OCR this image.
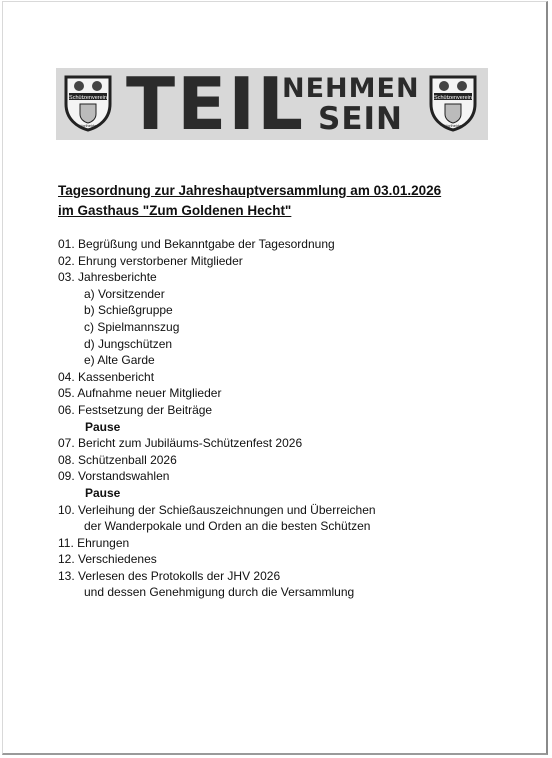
Schützenverein
Vorlheide TEIL
NEHMEN
SEIN
Schützenverein
Vorlheide
Tagesordnung zur Jahreshauptversammlung am 03.01.2026
im Gasthaus "Zum Goldenen Hecht"
01. Begrüßung und Bekanntgabe der Tagesordnung
02. Ehrung verstorbener Mitglieder
03. Jahresberichte
a) Vorsitzender
b) Schießgruppe
c) Spielmannszug
d) Jungschützen
e) Alte Garde
04. Kassenbericht
05. Aufnahme neuer Mitglieder
06. Festsetzung der Beiträge
Pause
07. Bericht zum Jubiläums-Schützenfest 2026
08. Schützenball 2026
09. Vorstandswahlen
Pause
10. Verleihung der Schießauszeichnungen und Überreichen
der Wanderpokale und Orden an die besten Schützen
11. Ehrungen
12. Verschiedenes
13. Verlesen des Protokolls der JHV 2026
und dessen Genehmigung durch die Versammlung
